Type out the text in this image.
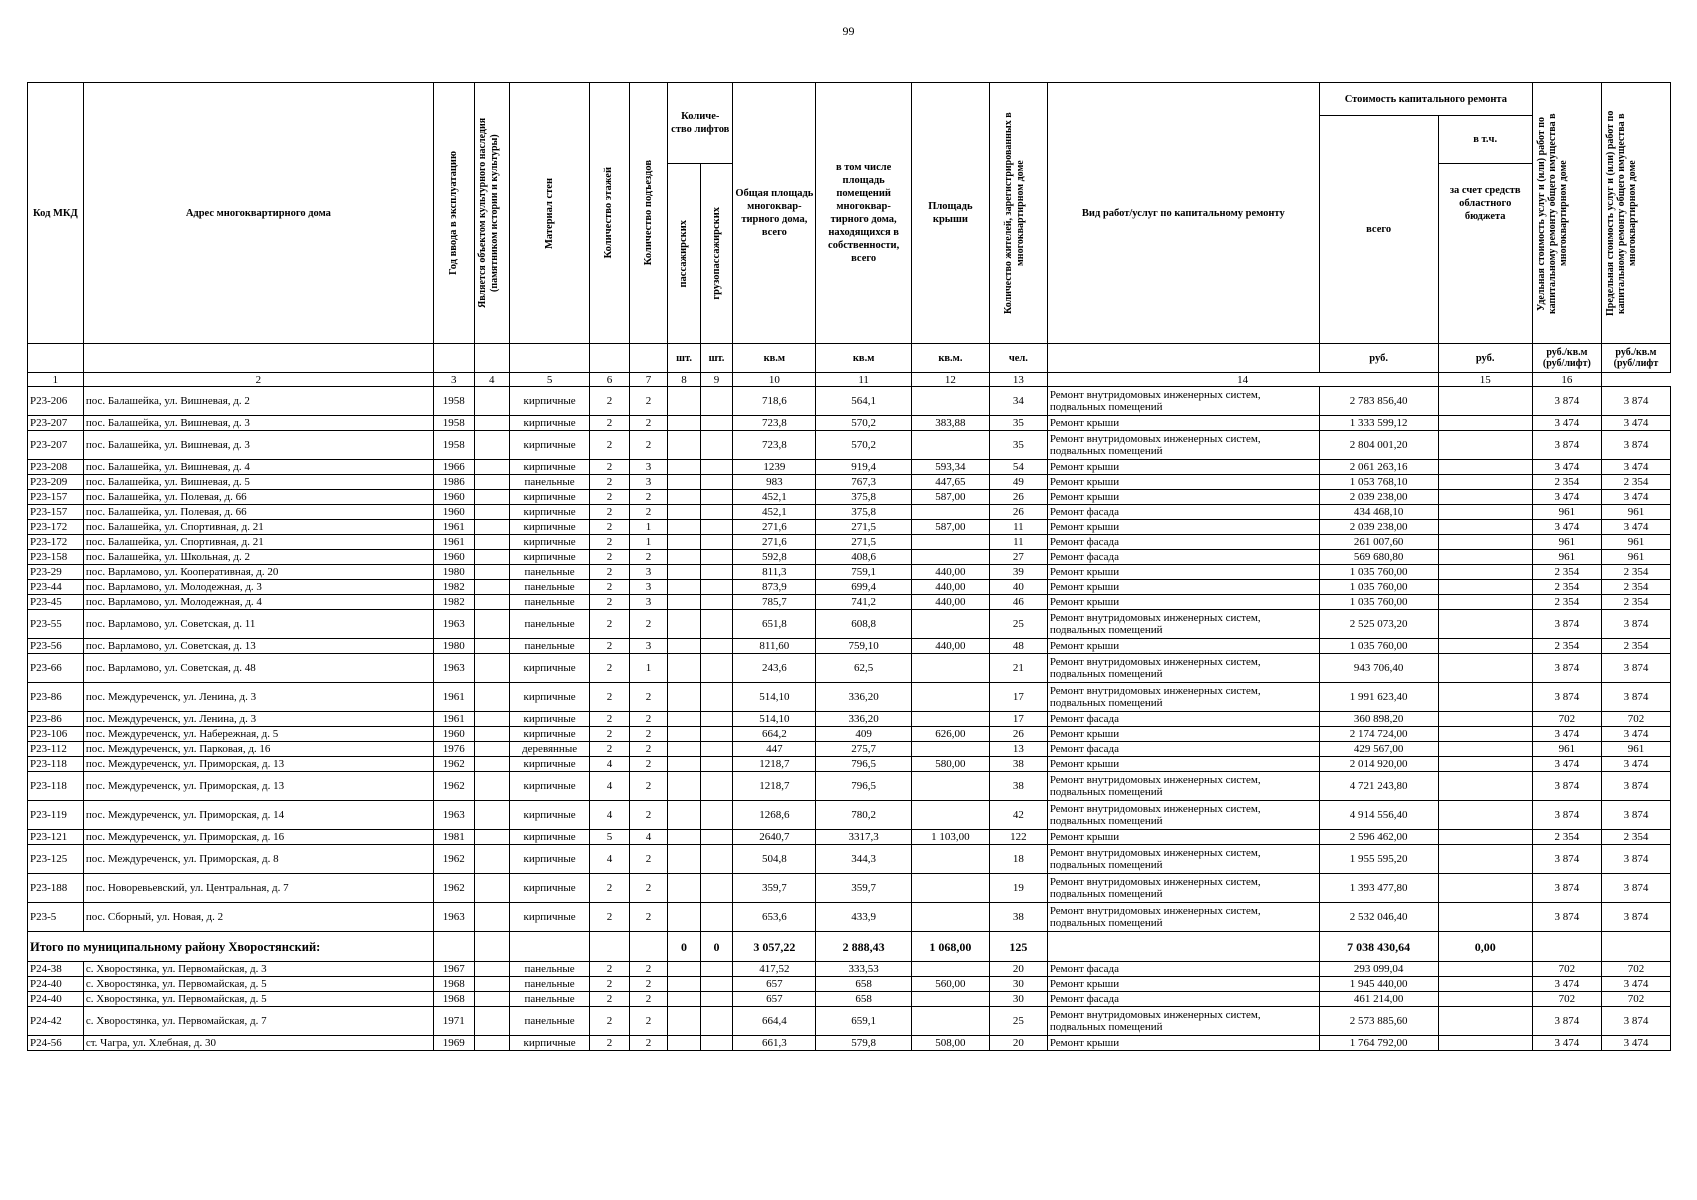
99
Код МКД	Адрес многоквартирного дома	Год ввода в эксплуатацию	Является объектом культурного наследия (памятником истории и культуры)	Материал стен	Количество этажей	Количество подъездов	Количе- ство лифтов		Общая площадь многоквар- тирного дома, всего	в том числе площадь помещений многоквар- тирного дома, находящихся в собственности, всего	Площадь крыши	Количество жителей, зарегистрированных в многоквартирном доме	Вид работ/услуг по капитальному ремонту	Стоимость капитального ремонта		Удельная стоимость услуг и (или) работ по капитальному ремонту общего имущества в многоквартирном доме	Предельная стоимость услуг и (или) работ по капитальному ремонту общего имущества в многоквартирном доме

														всего	в т.ч.		

							пассажирских	грузопассажирских							за счет средств областного бюджета		
							шт.	шт.	кв.м	кв.м	кв.м.	чел.		руб.	руб.	руб./кв.м (руб/лифт)	руб./кв.м (руб/лифт
1	2	3	4	5	6	7	8	9	10	11	12	13	14		15	16	
P23-206	пос. Балашейка, ул. Вишневая, д. 2	1958		кирпичные	2	2			718,6	564,1		34	Ремонт внутридомовых инженерных систем, подвальных помещений	2 783 856,40		3 874	3 874
P23-207	пос. Балашейка, ул. Вишневая, д. 3	1958		кирпичные	2	2			723,8	570,2	383,88	35	Ремонт крыши	1 333 599,12		3 474	3 474
P23-207	пос. Балашейка, ул. Вишневая, д. 3	1958		кирпичные	2	2			723,8	570,2		35	Ремонт внутридомовых инженерных систем, подвальных помещений	2 804 001,20		3 874	3 874
P23-208	пос. Балашейка, ул. Вишневая, д. 4	1966		кирпичные	2	3			1239	919,4	593,34	54	Ремонт крыши	2 061 263,16		3 474	3 474
P23-209	пос. Балашейка, ул. Вишневая, д. 5	1986		панельные	2	3			983	767,3	447,65	49	Ремонт крыши	1 053 768,10		2 354	2 354
P23-157	пос. Балашейка, ул. Полевая, д. 66	1960		кирпичные	2	2			452,1	375,8	587,00	26	Ремонт крыши	2 039 238,00		3 474	3 474
P23-157	пос. Балашейка, ул. Полевая, д. 66	1960		кирпичные	2	2			452,1	375,8		26	Ремонт фасада	434 468,10		961	961
P23-172	пос. Балашейка, ул. Спортивная, д. 21	1961		кирпичные	2	1			271,6	271,5	587,00	11	Ремонт крыши	2 039 238,00		3 474	3 474
P23-172	пос. Балашейка, ул. Спортивная, д. 21	1961		кирпичные	2	1			271,6	271,5		11	Ремонт фасада	261 007,60		961	961
P23-158	пос. Балашейка, ул. Школьная, д. 2	1960		кирпичные	2	2			592,8	408,6		27	Ремонт фасада	569 680,80		961	961
P23-29	пос. Варламово, ул. Кооперативная, д. 20	1980		панельные	2	3			811,3	759,1	440,00	39	Ремонт крыши	1 035 760,00		2 354	2 354
P23-44	пос. Варламово, ул. Молодежная, д. 3	1982		панельные	2	3			873,9	699,4	440,00	40	Ремонт крыши	1 035 760,00		2 354	2 354
P23-45	пос. Варламово, ул. Молодежная, д. 4	1982		панельные	2	3			785,7	741,2	440,00	46	Ремонт крыши	1 035 760,00		2 354	2 354
P23-55	пос. Варламово, ул. Советская, д. 11	1963		панельные	2	2			651,8	608,8		25	Ремонт внутридомовых инженерных систем, подвальных помещений	2 525 073,20		3 874	3 874
P23-56	пос. Варламово, ул. Советская, д. 13	1980		панельные	2	3			811,60	759,10	440,00	48	Ремонт крыши	1 035 760,00		2 354	2 354
P23-66	пос. Варламово, ул. Советская, д. 48	1963		кирпичные	2	1			243,6	62,5		21	Ремонт внутридомовых инженерных систем, подвальных помещений	943 706,40		3 874	3 874
P23-86	пос. Междуреченск, ул. Ленина, д. 3	1961		кирпичные	2	2			514,10	336,20		17	Ремонт внутридомовых инженерных систем, подвальных помещений	1 991 623,40		3 874	3 874
P23-86	пос. Междуреченск, ул. Ленина, д. 3	1961		кирпичные	2	2			514,10	336,20		17	Ремонт фасада	360 898,20		702	702
P23-106	пос. Междуреченск, ул. Набережная, д. 5	1960		кирпичные	2	2			664,2	409	626,00	26	Ремонт крыши	2 174 724,00		3 474	3 474
P23-112	пос. Междуреченск, ул. Парковая, д. 16	1976		деревянные	2	2			447	275,7		13	Ремонт фасада	429 567,00		961	961
P23-118	пос. Междуреченск, ул. Приморская, д. 13	1962		кирпичные	4	2			1218,7	796,5	580,00	38	Ремонт крыши	2 014 920,00		3 474	3 474
P23-118	пос. Междуреченск, ул. Приморская, д. 13	1962		кирпичные	4	2			1218,7	796,5		38	Ремонт внутридомовых инженерных систем, подвальных помещений	4 721 243,80		3 874	3 874
P23-119	пос. Междуреченск, ул. Приморская, д. 14	1963		кирпичные	4	2			1268,6	780,2		42	Ремонт внутридомовых инженерных систем, подвальных помещений	4 914 556,40		3 874	3 874
P23-121	пос. Междуреченск, ул. Приморская, д. 16	1981		кирпичные	5	4			2640,7	3317,3	1 103,00	122	Ремонт крыши	2 596 462,00		2 354	2 354
P23-125	пос. Междуреченск, ул. Приморская, д. 8	1962		кирпичные	4	2			504,8	344,3		18	Ремонт внутридомовых инженерных систем, подвальных помещений	1 955 595,20		3 874	3 874
P23-188	пос. Новоревьевский, ул. Центральная, д. 7	1962		кирпичные	2	2			359,7	359,7		19	Ремонт внутридомовых инженерных систем, подвальных помещений	1 393 477,80		3 874	3 874
P23-5	пос. Сборный, ул. Новая, д. 2	1963		кирпичные	2	2			653,6	433,9		38	Ремонт внутридомовых инженерных систем, подвальных помещений	2 532 046,40		3 874	3 874
Итого по муниципальному району Хворостянский:							0	0	3 057,22	2 888,43	1 068,00	125		7 038 430,64	0,00		
P24-38	с. Хворостянка, ул. Первомайская, д. 3	1967		панельные	2	2			417,52	333,53		20	Ремонт фасада	293 099,04		702	702
P24-40	с. Хворостянка, ул. Первомайская, д. 5	1968		панельные	2	2			657	658	560,00	30	Ремонт крыши	1 945 440,00		3 474	3 474
P24-40	с. Хворостянка, ул. Первомайская, д. 5	1968		панельные	2	2			657	658		30	Ремонт фасада	461 214,00		702	702
P24-42	с. Хворостянка, ул. Первомайская, д. 7	1971		панельные	2	2			664,4	659,1		25	Ремонт внутридомовых инженерных систем, подвальных помещений	2 573 885,60		3 874	3 874
P24-56	ст. Чагра, ул. Хлебная, д. 30	1969		кирпичные	2	2			661,3	579,8	508,00	20	Ремонт крыши	1 764 792,00		3 474	3 474
